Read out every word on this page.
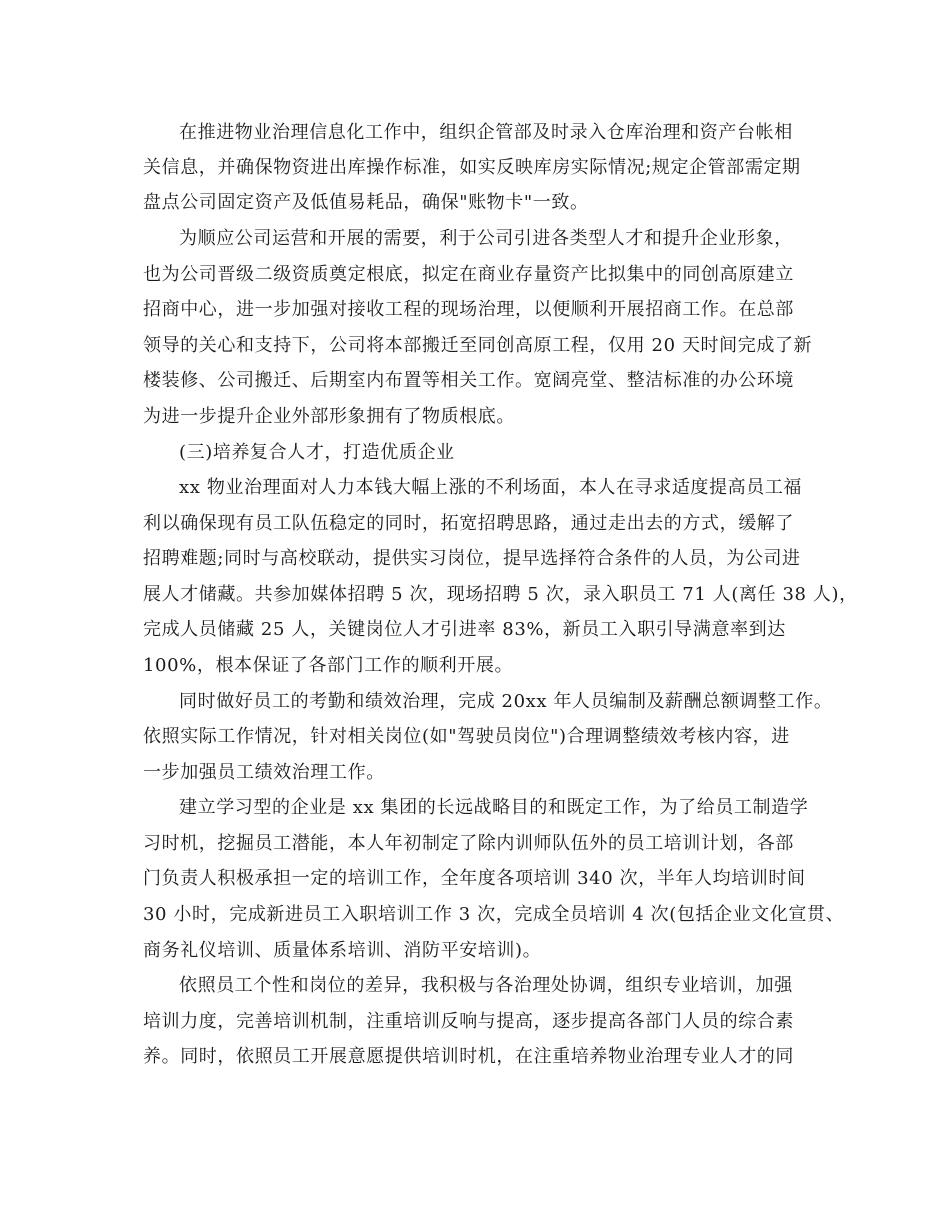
在推进物业治理信息化工作中，组织企管部及时录入仓库治理和资产台帐相
关信息，并确保物资进出库操作标准，如实反映库房实际情况;规定企管部需定期
盘点公司固定资产及低值易耗品，确保"账物卡"一致。
为顺应公司运营和开展的需要，利于公司引进各类型人才和提升企业形象，
也为公司晋级二级资质奠定根底，拟定在商业存量资产比拟集中的同创高原建立
招商中心，进一步加强对接收工程的现场治理，以便顺利开展招商工作。在总部
领导的关心和支持下，公司将本部搬迁至同创高原工程，仅用 20 天时间完成了新
楼装修、公司搬迁、后期室内布置等相关工作。宽阔亮堂、整洁标准的办公环境
为进一步提升企业外部形象拥有了物质根底。
(三)培养复合人才，打造优质企业
xx 物业治理面对人力本钱大幅上涨的不利场面，本人在寻求适度提高员工福
利以确保现有员工队伍稳定的同时，拓宽招聘思路，通过走出去的方式，缓解了
招聘难题;同时与高校联动，提供实习岗位，提早选择符合条件的人员，为公司进
展人才储藏。共参加媒体招聘 5 次，现场招聘 5 次，录入职员工 71 人(离任 38 人)，
完成人员储藏 25 人，关键岗位人才引进率 83%，新员工入职引导满意率到达
100%，根本保证了各部门工作的顺利开展。
同时做好员工的考勤和绩效治理，完成 20xx 年人员编制及薪酬总额调整工作。
依照实际工作情况，针对相关岗位(如"驾驶员岗位")合理调整绩效考核内容，进
一步加强员工绩效治理工作。
建立学习型的企业是 xx 集团的长远战略目的和既定工作，为了给员工制造学
习时机，挖掘员工潜能，本人年初制定了除内训师队伍外的员工培训计划，各部
门负责人积极承担一定的培训工作，全年度各项培训 340 次，半年人均培训时间
30 小时，完成新进员工入职培训工作 3 次，完成全员培训 4 次(包括企业文化宣贯、
商务礼仪培训、质量体系培训、消防平安培训)。
依照员工个性和岗位的差异，我积极与各治理处协调，组织专业培训，加强
培训力度，完善培训机制，注重培训反响与提高，逐步提高各部门人员的综合素
养。同时，依照员工开展意愿提供培训时机，在注重培养物业治理专业人才的同
